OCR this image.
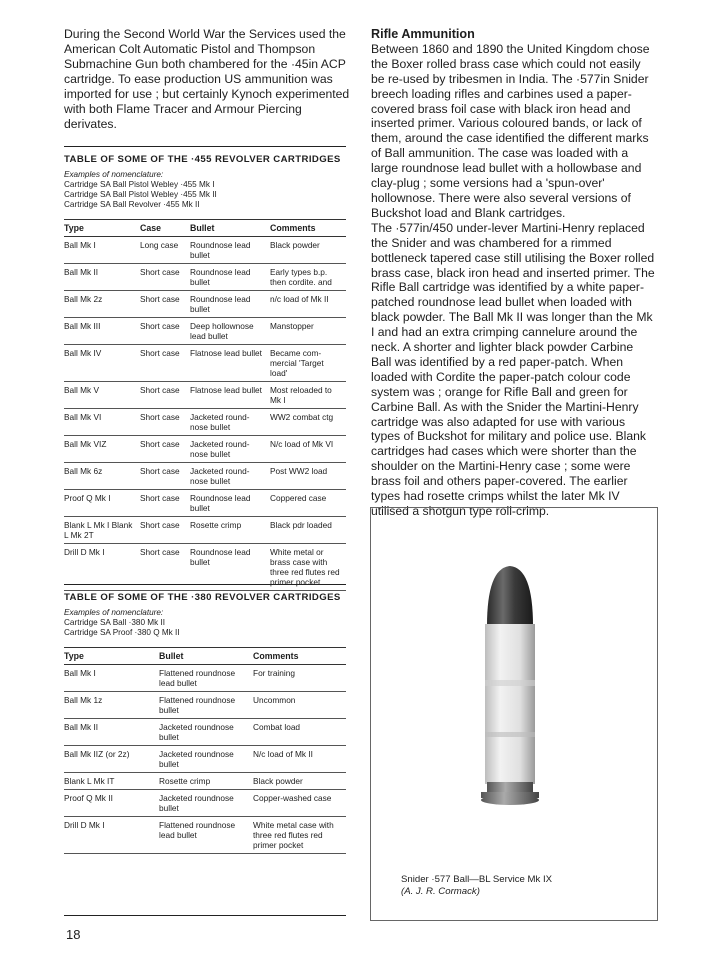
During the Second World War the Services used the American Colt Automatic Pistol and Thompson Submachine Gun both chambered for the ·45in ACP cartridge. To ease production US ammunition was imported for use ; but certainly Kynoch experimented with both Flame Tracer and Armour Piercing derivates.
TABLE OF SOME OF THE ·455 REVOLVER CARTRIDGES
Examples of nomenclature:
Cartridge SA Ball Pistol Webley ·455 Mk I
Cartridge SA Ball Pistol Webley ·455 Mk II
Cartridge SA Ball Revolver ·455 Mk II
Type	Case	Bullet	Comments
Ball Mk I	Long case	Roundnose lead bullet	Black powder
Ball Mk II	Short case	Roundnose lead bullet	Early types b.p. then cordite. and
Ball Mk 2z	Short case	Roundnose lead bullet	n/c load of Mk II
Ball Mk III	Short case	Deep hollownose lead bullet	Manstopper
Ball Mk IV	Short case	Flatnose lead bullet	Became com-mercial 'Target load'
Ball Mk V	Short case	Flatnose lead bullet	Most reloaded to Mk I
Ball Mk VI	Short case	Jacketed round-nose bullet	WW2 combat ctg
Ball Mk VIZ	Short case	Jacketed round-nose bullet	N/c load of Mk VI
Ball Mk 6z	Short case	Jacketed round-nose bullet	Post WW2 load
Proof Q Mk I	Short case	Roundnose lead bullet	Coppered case
Blank L Mk I Blank L Mk 2T	Short case	Rosette crimp	Black pdr loaded
Drill D Mk I	Short case	Roundnose lead bullet	White metal or brass case with three red flutes red primer pocket
TABLE OF SOME OF THE ·380 REVOLVER CARTRIDGES
Examples of nomenclature:
Cartridge SA Ball ·380 Mk II
Cartridge SA Proof ·380 Q Mk II
Type	Bullet	Comments
Ball Mk I	Flattened roundnose lead bullet	For training
Ball Mk 1z	Flattened roundnose bullet	Uncommon
Ball Mk II	Jacketed roundnose bullet	Combat load
Ball Mk IIZ (or 2z)	Jacketed roundnose bullet	N/c load of Mk II
Blank L Mk IT	Rosette crimp	Black powder
Proof Q Mk II	Jacketed roundnose bullet	Copper-washed case
Drill D Mk I	Flattened roundnose lead bullet	White metal case with three red flutes red primer pocket
18
Rifle Ammunition
Between 1860 and 1890 the United Kingdom chose the Boxer rolled brass case which could not easily be re-used by tribesmen in India. The ·577in Snider breech loading rifles and carbines used a paper-covered brass foil case with black iron head and inserted primer. Various coloured bands, or lack of them, around the case identified the different marks of Ball ammunition. The case was loaded with a large roundnose lead bullet with a hollowbase and clay-plug ; some versions had a 'spun-over' hollownose. There were also several versions of Buckshot load and Blank cartridges.
The ·577in/450 under-lever Martini-Henry replaced the Snider and was chambered for a rimmed bottleneck tapered case still utilising the Boxer rolled brass case, black iron head and inserted primer. The Rifle Ball cartridge was identified by a white paper-patched roundnose lead bullet when loaded with black powder. The Ball Mk II was longer than the Mk I and had an extra crimping cannelure around the neck. A shorter and lighter black powder Carbine Ball was identified by a red paper-patch. When loaded with Cordite the paper-patch colour code system was ; orange for Rifle Ball and green for Carbine Ball. As with the Snider the Martini-Henry cartridge was also adapted for use with various types of Buckshot for military and police use. Blank cartridges had cases which were shorter than the shoulder on the Martini-Henry case ; some were brass foil and others paper-covered. The earlier types had rosette crimps whilst the later Mk IV utilised a shotgun type roll-crimp.
Snider ·577 Ball—BL Service Mk IX
(A. J. R. Cormack)
